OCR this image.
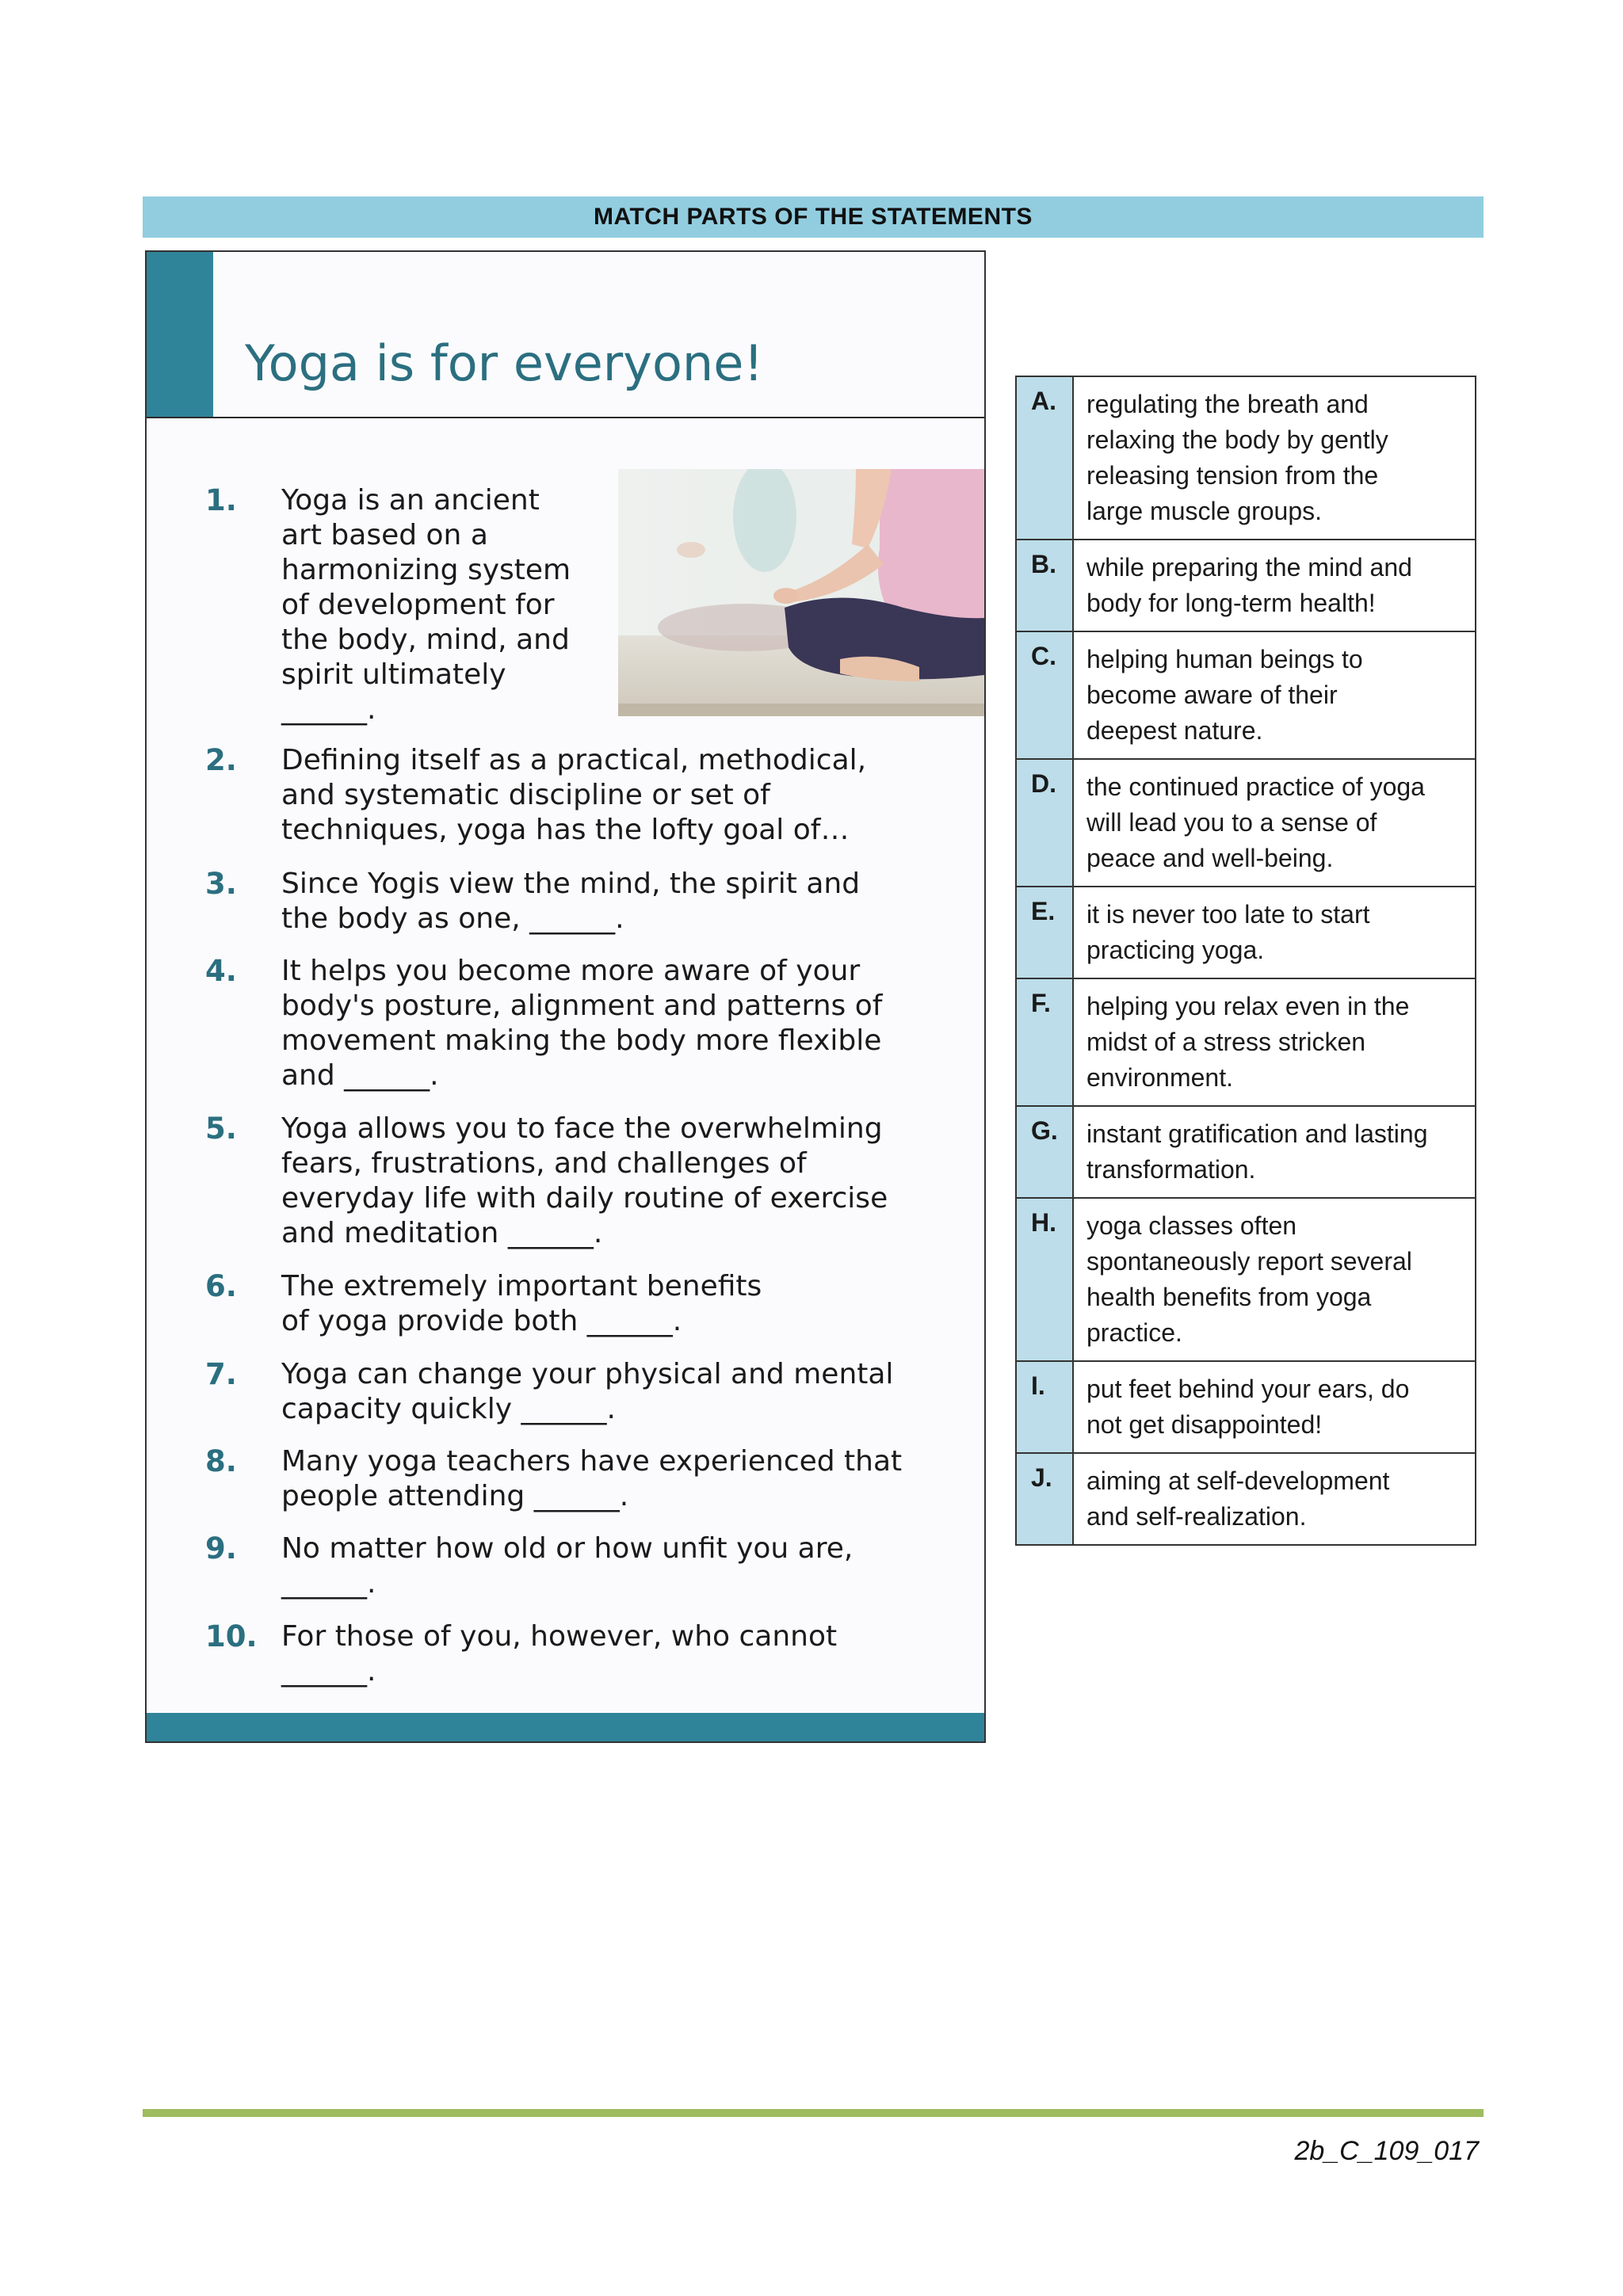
MATCH PARTS OF THE STATEMENTS
Yoga is for everyone!
1.	Yoga is an ancient
art based on a
harmonizing system
of development for
the body, mind, and
spirit ultimately
______.
2.	Defining itself as a practical, methodical,
and systematic discipline or set of
techniques, yoga has the lofty goal of…
3.	Since Yogis view the mind, the spirit and
the body as one, ______.
4.	It helps you become more aware of your
body's posture, alignment and patterns of
movement making the body more flexible
and ______.
5.	Yoga allows you to face the overwhelming
fears, frustrations, and challenges of
everyday life with daily routine of exercise
and meditation ______.
6.	The extremely important benefits
of yoga provide both ______.
7.	Yoga can change your physical and mental
capacity quickly ______.
8.	Many yoga teachers have experienced that
people attending ______.
9.	No matter how old or how unfit you are,
______.
10. For those of you, however, who cannot
______.
A.	regulating the breath and
relaxing the body by gently
releasing tension from the
large muscle groups.
B.	while preparing the mind and
body for long-term health!
C.	helping human beings to
become aware of their
deepest nature.
D.	the continued practice of yoga
will lead you to a sense of
peace and well-being.
E.	it is never too late to start
practicing yoga.
F.	helping you relax even in the
midst of a stress stricken
environment.
G.	instant gratification and lasting
transformation.
H.	yoga classes often
spontaneously report several
health benefits from yoga
practice.
I.	put feet behind your ears, do
not get disappointed!
J.	aiming at self-development
and self-realization.
2b_C_109_017
